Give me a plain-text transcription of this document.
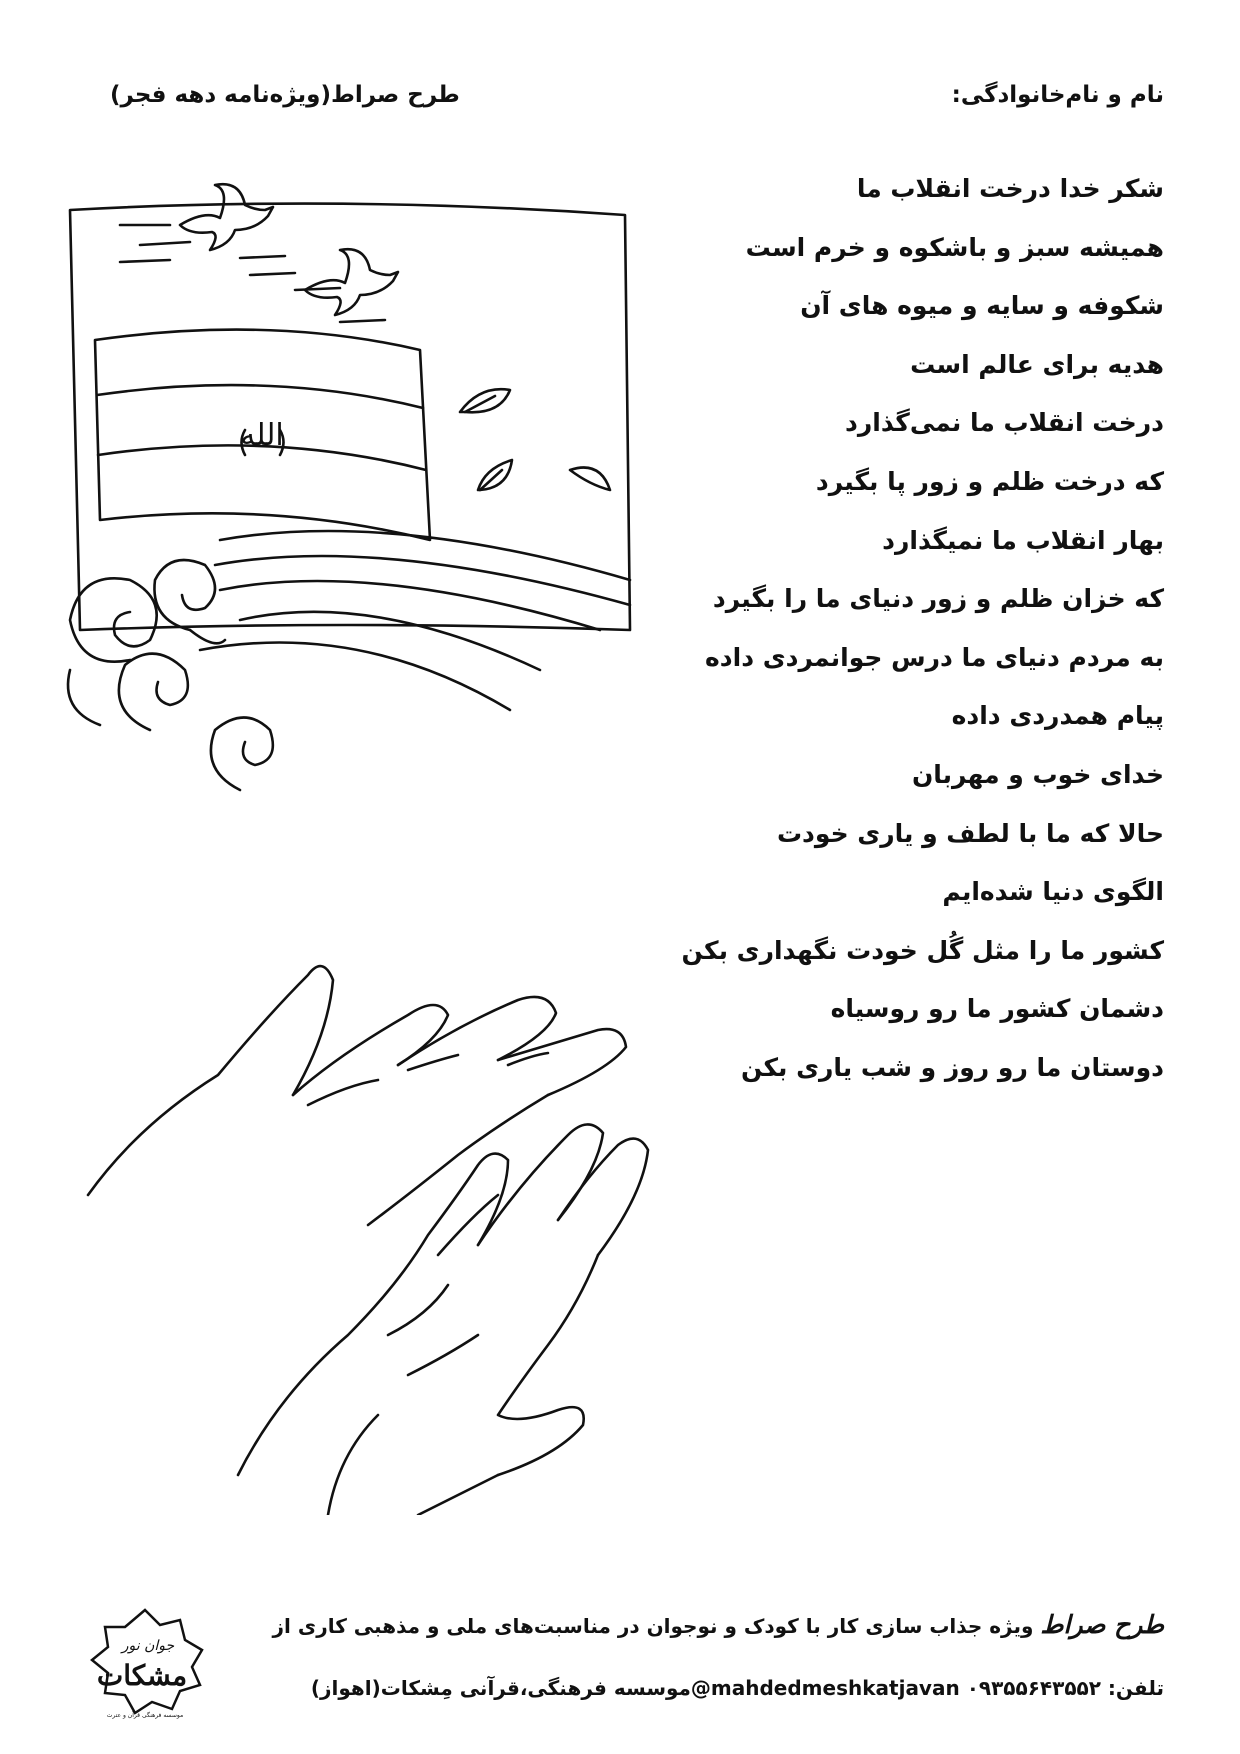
نام و نام‌خانوادگی:
طرح صراط(ویژه‌نامه دهه فجر)
الله
شکر خدا درخت انقلاب ما
همیشه سبز و باشکوه و خرم است
شکوفه و سایه و میوه های آن
هدیه برای عالم است
درخت انقلاب ما نمی‌گذارد
که درخت ظلم و زور پا بگیرد
بهار انقلاب ما نمیگذارد
که خزان ظلم و زور دنیای ما را بگیرد
به مردم دنیای ما درس جوانمردی داده
پیام همدردی داده
خدای خوب و مهربان
حالا که ما با لطف و یاری خودت
الگوی دنیا شده‌ایم
کشور ما را مثل گُل خودت نگهداری بکن
دشمان کشور ما رو روسیاه
دوستان ما رو روز و شب یاری بکن
طرح صراط ویژه جذاب سازی کار با کودک و نوجوان در مناسبت‌های ملی و مذهبی کاری از
تلفن: ۰۹۳۵۵۶۴۳۵۵۲ @mahdedmeshkatjavanموسسه فرهنگی،قرآنی مِشکات(اهواز)
جوان نور
مشکات
موسسه فرهنگی قرآن و عترت
